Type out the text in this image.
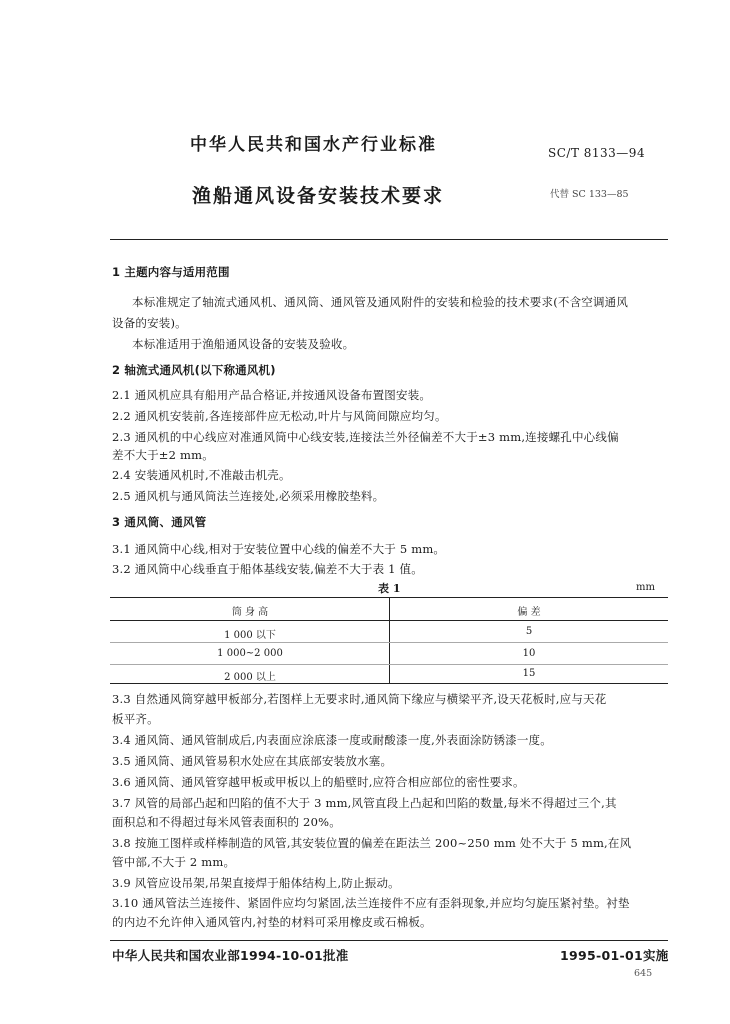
中华人民共和国水产行业标准	SC/T 8133—94
渔船通风设备安装技术要求	代替 SC 133—85
1 主题内容与适用范围
本标准规定了轴流式通风机、通风筒、通风管及通风附件的安装和检验的技术要求(不含空调通风
设备的安装)。
本标准适用于渔船通风设备的安装及验收。
2 轴流式通风机(以下称通风机)
2.1 通风机应具有船用产品合格证,并按通风设备布置图安装。
2.2 通风机安装前,各连接部件应无松动,叶片与风筒间隙应均匀。
2.3 通风机的中心线应对准通风筒中心线安装,连接法兰外径偏差不大于±3 mm,连接螺孔中心线偏
差不大于±2 mm。
2.4 安装通风机时,不准敲击机壳。
2.5 通风机与通风筒法兰连接处,必须采用橡胶垫料。
3 通风筒、通风管
3.1 通风筒中心线,相对于安装位置中心线的偏差不大于 5 mm。
3.2 通风筒中心线垂直于船体基线安装,偏差不大于表 1 值。
表 1	mm
筒 身 高	偏 差
1 000 以下	5
1 000~2 000	10
2 000 以上	15
3.3 自然通风筒穿越甲板部分,若图样上无要求时,通风筒下缘应与横梁平齐,设天花板时,应与天花
板平齐。
3.4 通风筒、通风管制成后,内表面应涂底漆一度或耐酸漆一度,外表面涂防锈漆一度。
3.5 通风筒、通风管易积水处应在其底部安装放水塞。
3.6 通风筒、通风管穿越甲板或甲板以上的船壁时,应符合相应部位的密性要求。
3.7 风管的局部凸起和凹陷的值不大于 3 mm,风管直段上凸起和凹陷的数量,每米不得超过三个,其
面积总和不得超过每米风管表面积的 20%。
3.8 按施工图样或样棒制造的风管,其安装位置的偏差在距法兰 200~250 mm 处不大于 5 mm,在风
管中部,不大于 2 mm。
3.9 风管应设吊架,吊架直接焊于船体结构上,防止振动。
3.10 通风管法兰连接件、紧固件应均匀紧固,法兰连接件不应有歪斜现象,并应均匀旋压紧衬垫。衬垫
的内边不允许伸入通风管内,衬垫的材料可采用橡皮或石棉板。
中华人民共和国农业部1994-10-01批准	1995-01-01实施
645
